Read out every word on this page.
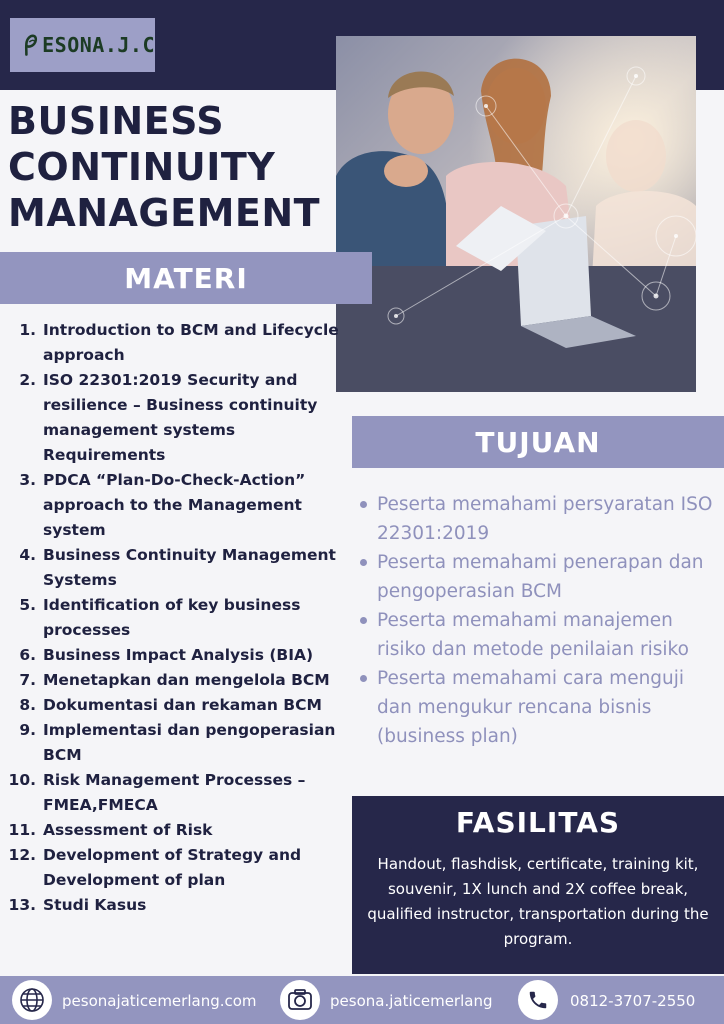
ESONA.J.C
BUSINESS
CONTINUITY
MANAGEMENT
MATERI
1. Introduction to BCM and Lifecycle approach
2. ISO 22301:2019 Security and resilience – Business continuity management systems Requirements
3. PDCA “Plan-Do-Check-Action” approach to the Management system
4. Business Continuity Management Systems
5. Identification of key business processes
6. Business Impact Analysis (BIA)
7. Menetapkan dan mengelola BCM
8. Dokumentasi dan rekaman BCM
9. Implementasi dan pengoperasian BCM
10. Risk Management Processes – FMEA,FMECA
11. Assessment of Risk
12. Development of Strategy and Development of plan
13. Studi Kasus
TUJUAN
Peserta memahami persyaratan ISO 22301:2019
Peserta memahami penerapan dan pengoperasian BCM
Peserta memahami manajemen risiko dan metode penilaian risiko
Peserta memahami cara menguji dan mengukur rencana bisnis (business plan)
FASILITAS
Handout, flashdisk, certificate, training kit, souvenir, 1X lunch and 2X coffee break, qualified instructor, transportation during the program.
pesonajaticemerlang.com	pesona.jaticemerlang	0812-3707-2550
